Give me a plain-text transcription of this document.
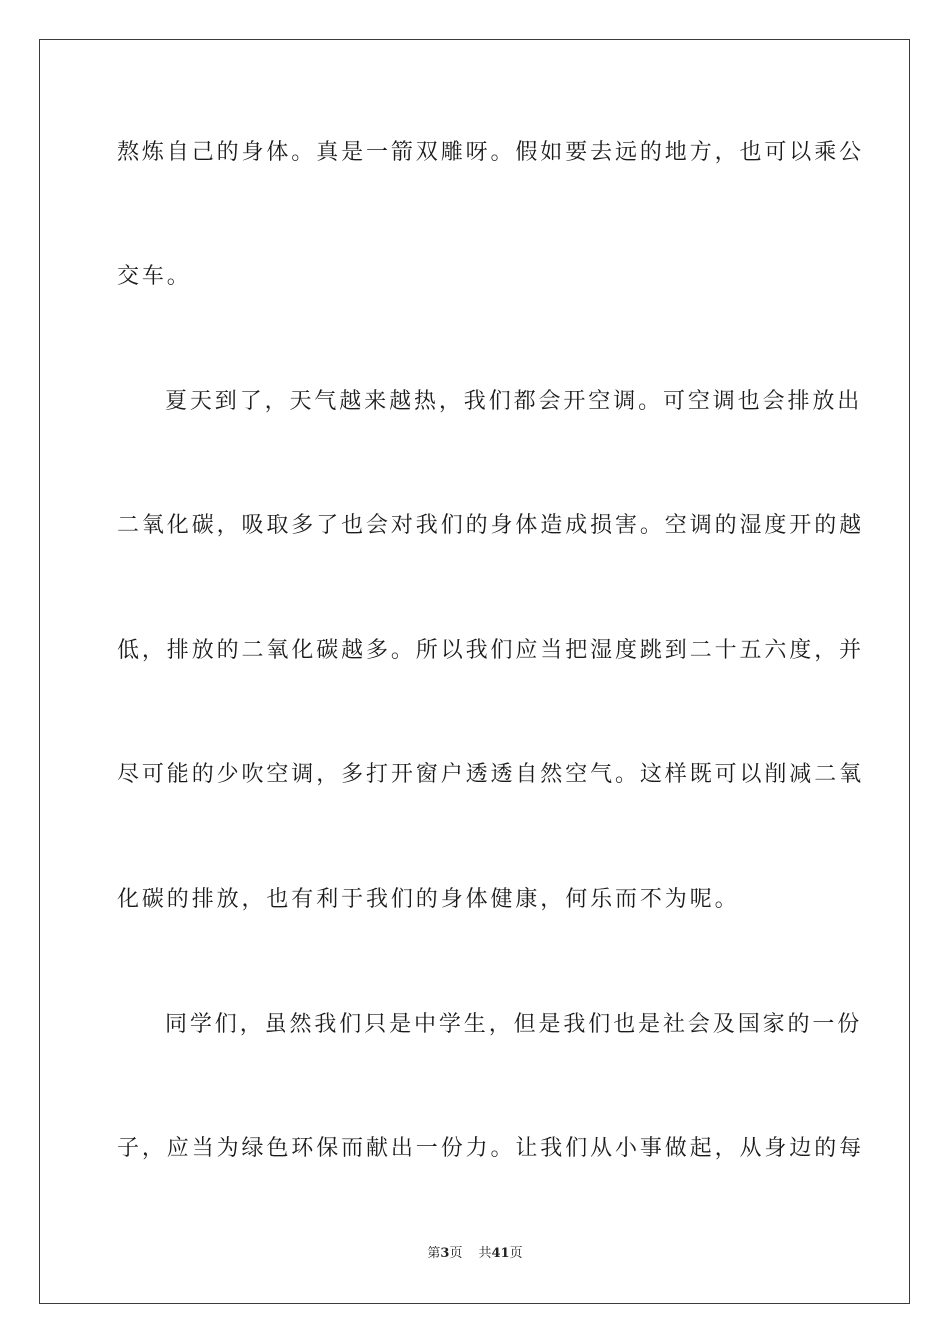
熬炼自己的身体。真是一箭双雕呀。假如要去远的地方，也可以乘公
交车。
夏天到了，天气越来越热，我们都会开空调。可空调也会排放出
二氧化碳，吸取多了也会对我们的身体造成损害。空调的湿度开的越
低，排放的二氧化碳越多。所以我们应当把湿度跳到二十五六度，并
尽可能的少吹空调，多打开窗户透透自然空气。这样既可以削减二氧
化碳的排放，也有利于我们的身体健康，何乐而不为呢。
同学们，虽然我们只是中学生，但是我们也是社会及国家的一份
子，应当为绿色环保而献出一份力。让我们从小事做起，从身边的每
第3页 共41页
